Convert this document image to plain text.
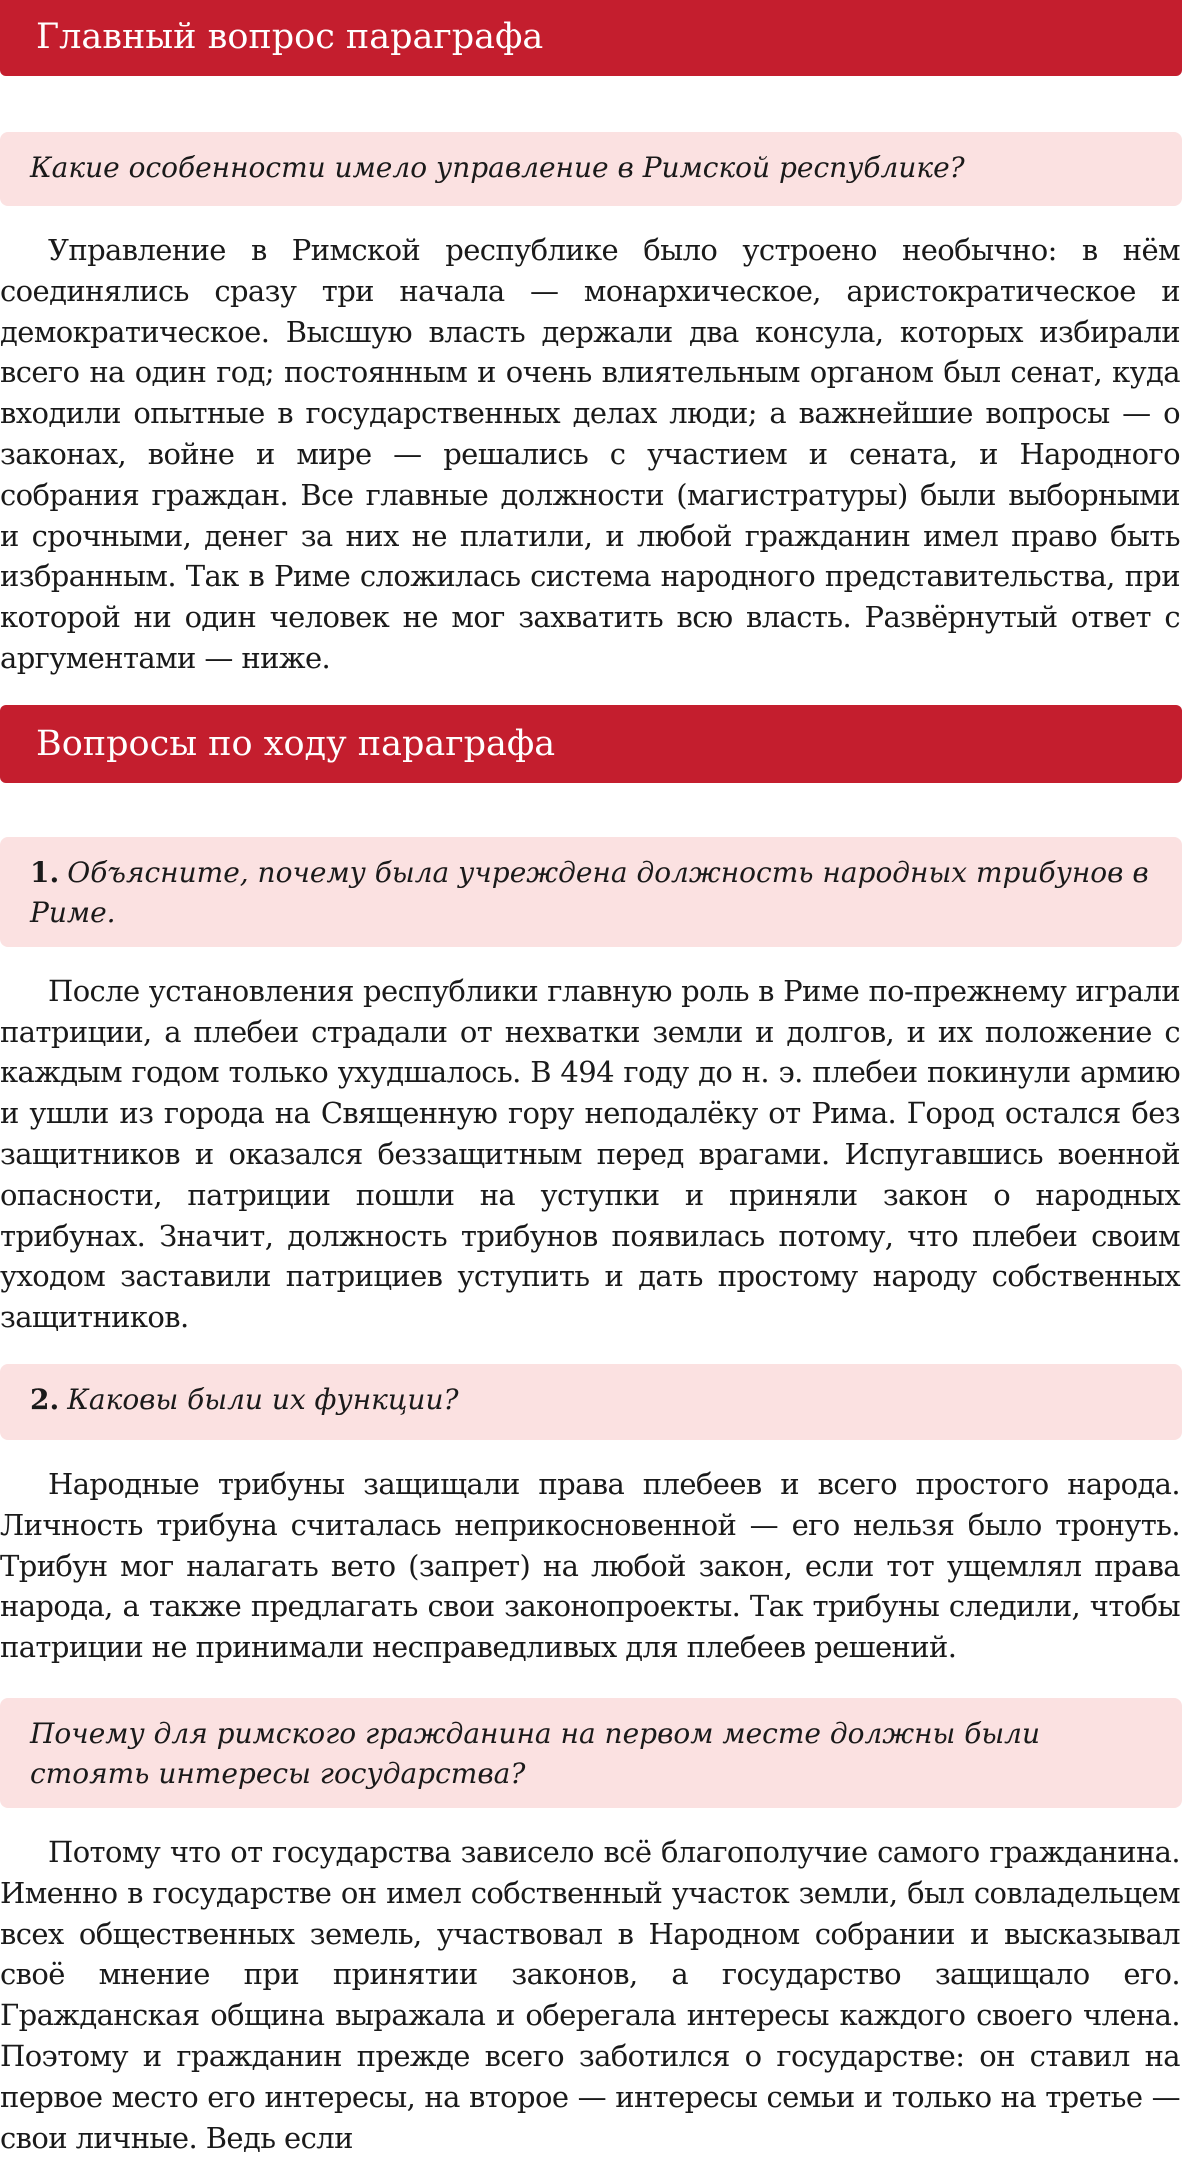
Главный вопрос параграфа
Какие особенности имело управление в Римской республике?

Управление в Римской республике было устроено необычно: в нём соединялись сразу три начала — монархическое, аристократическое и демократическое. Высшую власть держали два консула, которых избирали всего на один год; постоянным и очень влиятельным органом был сенат, куда входили опытные в государственных делах люди; а важнейшие вопросы — о законах, войне и мире — решались с участием и сената, и Народного собрания граждан. Все главные должности (магистратуры) были выборными и срочными, денег за них не платили, и любой гражданин имел право быть избранным. Так в Риме сложилась система народного представительства, при которой ни один человек не мог захватить всю власть. Развёрнутый ответ с аргументами — ниже.

Вопросы по ходу параграфа
1. Объясните, почему была учреждена должность народных трибунов в Риме.

После установления республики главную роль в Риме по-прежнему играли патриции, а плебеи страдали от нехватки земли и долгов, и их положение с каждым годом только ухудшалось. В 494 году до н. э. плебеи покинули армию и ушли из города на Священную гору неподалёку от Рима. Город остался без защитников и оказался беззащитным перед врагами. Испугавшись военной опасности, патриции пошли на уступки и приняли закон о народных трибунах. Значит, должность трибунов появилась потому, что плебеи своим уходом заставили патрициев уступить и дать простому народу собственных защитников.

2. Каковы были их функции?

Народные трибуны защищали права плебеев и всего простого народа. Личность трибуна считалась неприкосновенной — его нельзя было тронуть. Трибун мог налагать вето (запрет) на любой закон, если тот ущемлял права народа, а также предлагать свои законопроекты. Так трибуны следили, чтобы патриции не принимали несправедливых для плебеев решений.

Почему для римского гражданина на первом месте должны были стоять интересы государства?

Потому что от государства зависело всё благополучие самого гражданина. Именно в государстве он имел собственный участок земли, был совладельцем всех общественных земель, участвовал в Народном собрании и высказывал своё мнение при принятии законов, а государство защищало его. Гражданская община выражала и оберегала интересы каждого своего члена. Поэтому и гражданин прежде всего заботился о государстве: он ставил на первое место его интересы, на второе — интересы семьи и только на третье — свои личные. Ведь если
